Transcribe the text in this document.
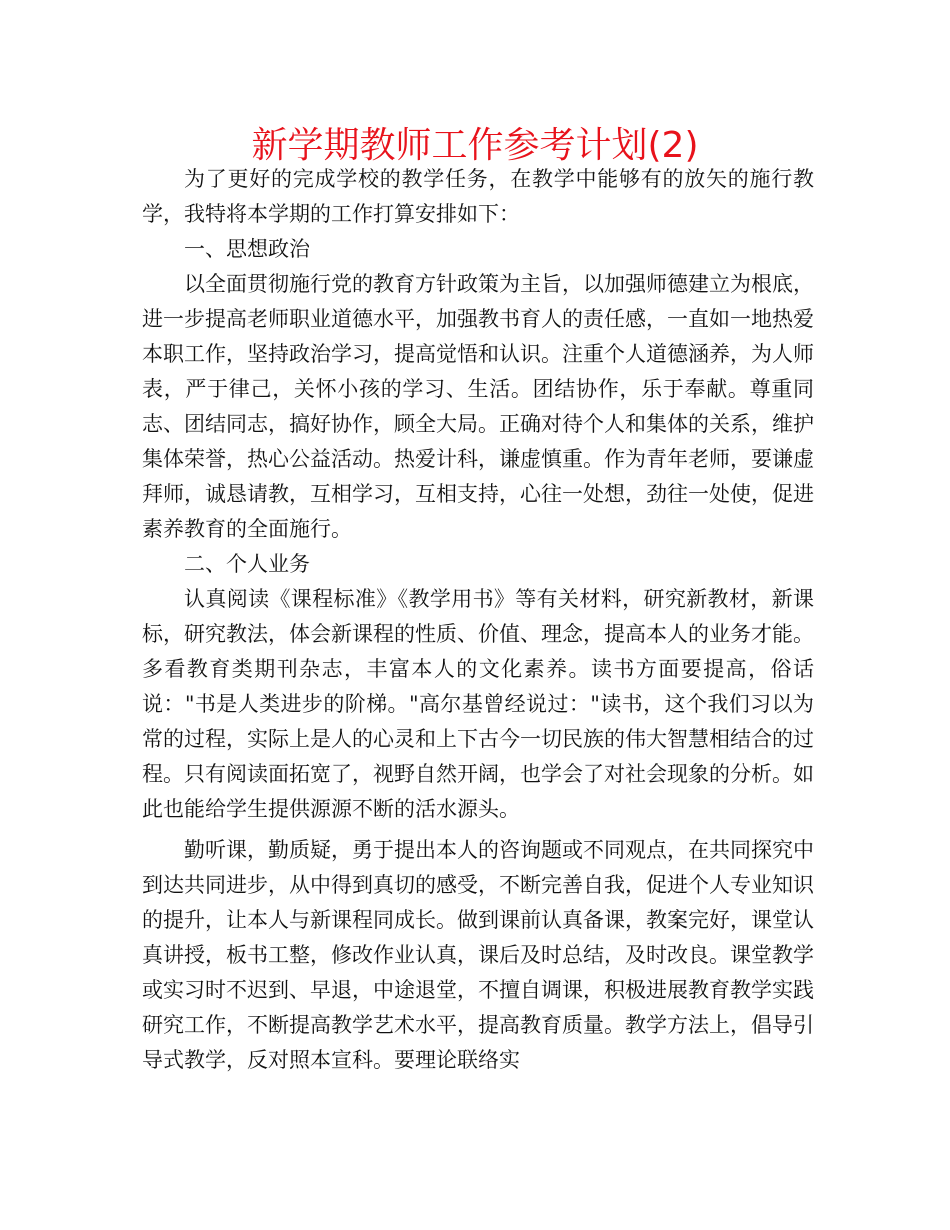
新学期教师工作参考计划(2)

为了更好的完成学校的教学任务，在教学中能够有的放矢的施行教学，我特将本学期的工作打算安排如下：

一、思想政治

以全面贯彻施行党的教育方针政策为主旨，以加强师德建立为根底，进一步提高老师职业道德水平，加强教书育人的责任感，一直如一地热爱本职工作，坚持政治学习，提高觉悟和认识。注重个人道德涵养，为人师表，严于律己，关怀小孩的学习、生活。团结协作，乐于奉献。尊重同志、团结同志，搞好协作，顾全大局。正确对待个人和集体的关系，维护集体荣誉，热心公益活动。热爱计科，谦虚慎重。作为青年老师，要谦虚拜师，诚恳请教，互相学习，互相支持，心往一处想，劲往一处使，促进素养教育的全面施行。

二、个人业务

认真阅读《课程标准》《教学用书》等有关材料，研究新教材，新课标，研究教法，体会新课程的性质、价值、理念，提高本人的业务才能。多看教育类期刊杂志，丰富本人的文化素养。读书方面要提高，俗话说："书是人类进步的阶梯。"高尔基曾经说过："读书，这个我们习以为常的过程，实际上是人的心灵和上下古今一切民族的伟大智慧相结合的过程。只有阅读面拓宽了，视野自然开阔，也学会了对社会现象的分析。如此也能给学生提供源源不断的活水源头。

勤听课，勤质疑，勇于提出本人的咨询题或不同观点，在共同探究中到达共同进步，从中得到真切的感受，不断完善自我，促进个人专业知识的提升，让本人与新课程同成长。做到课前认真备课，教案完好，课堂认真讲授，板书工整，修改作业认真，课后及时总结，及时改良。课堂教学或实习时不迟到、早退，中途退堂，不擅自调课，积极进展教育教学实践研究工作，不断提高教学艺术水平，提高教育质量。教学方法上，倡导引导式教学，反对照本宣科。要理论联络实
